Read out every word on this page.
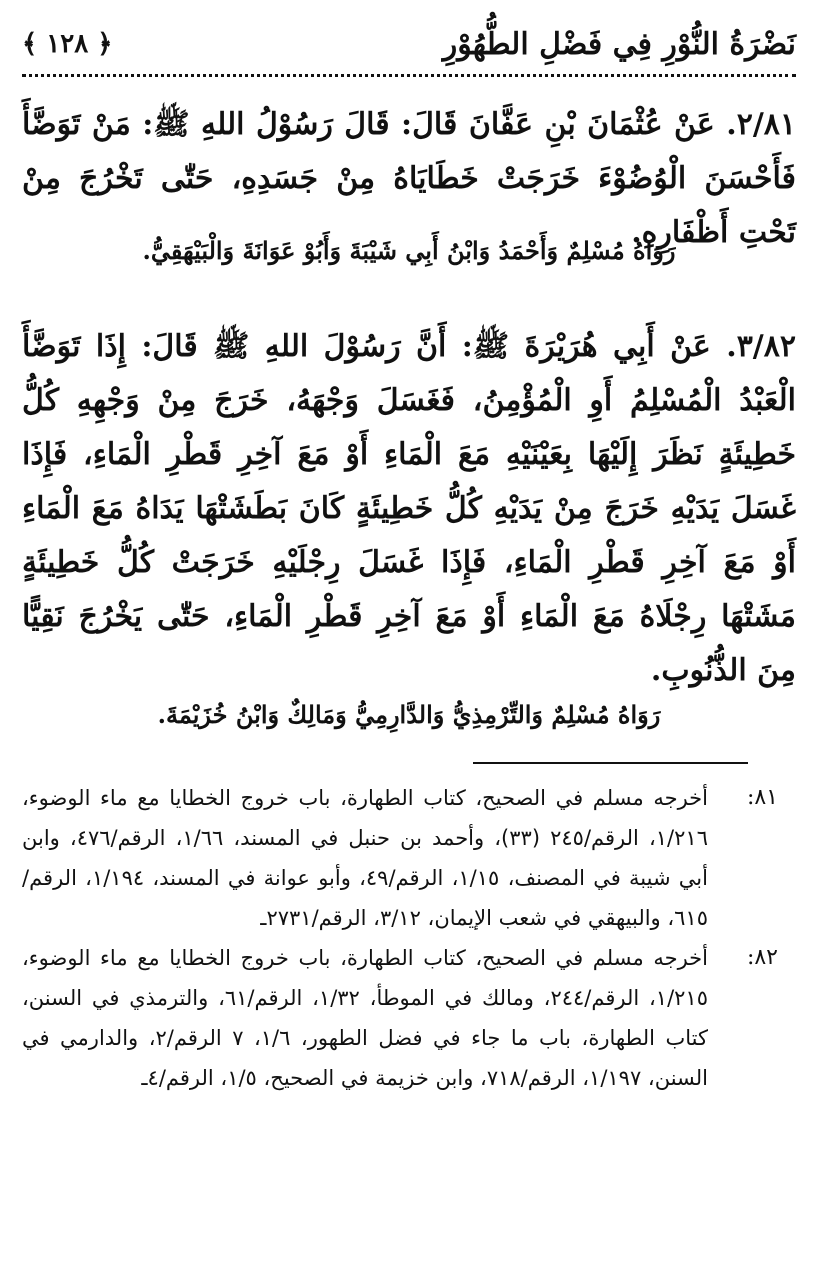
نَضْرَةُ النُّوْرِ فِي فَضْلِ الطُّهُوْرِ
﴿ ١٢٨ ﴾
٢/٨١. عَنْ عُثْمَانَ بْنِ عَفَّانَ قَالَ: قَالَ رَسُوْلُ اللهِ ﷺ: مَنْ تَوَضَّأَ فَأَحْسَنَ الْوُضُوْءَ خَرَجَتْ خَطَايَاهُ مِنْ جَسَدِهِ، حَتّٰى تَخْرُجَ مِنْ تَحْتِ أَظْفَارِهِ.
رَوَاهُ مُسْلِمٌ وَأَحْمَدُ وَابْنُ أَبِي شَيْبَةَ وَأَبُوْ عَوَانَةَ وَالْبَيْهَقِيُّ.
٣/٨٢. عَنْ أَبِي هُرَيْرَةَ ﷺ: أَنَّ رَسُوْلَ اللهِ ﷺ قَالَ: إِذَا تَوَضَّأَ الْعَبْدُ الْمُسْلِمُ أَوِ الْمُؤْمِنُ، فَغَسَلَ وَجْهَهُ، خَرَجَ مِنْ وَجْهِهِ كُلُّ خَطِيئَةٍ نَظَرَ إِلَيْهَا بِعَيْنَيْهِ مَعَ الْمَاءِ أَوْ مَعَ آخِرِ قَطْرِ الْمَاءِ، فَإِذَا غَسَلَ يَدَيْهِ خَرَجَ مِنْ يَدَيْهِ كُلُّ خَطِيئَةٍ كَانَ بَطَشَتْهَا يَدَاهُ مَعَ الْمَاءِ أَوْ مَعَ آخِرِ قَطْرِ الْمَاءِ، فَإِذَا غَسَلَ رِجْلَيْهِ خَرَجَتْ كُلُّ خَطِيئَةٍ مَشَتْهَا رِجْلَاهُ مَعَ الْمَاءِ أَوْ مَعَ آخِرِ قَطْرِ الْمَاءِ، حَتّٰى يَخْرُجَ نَقِيًّا مِنَ الذُّنُوبِ.
رَوَاهُ مُسْلِمٌ وَالتِّرْمِذِيُّ وَالدَّارِمِيُّ وَمَالِكٌ وَابْنُ خُزَيْمَةَ.
٨١:
أخرجه مسلم في الصحيح، كتاب الطهارة، باب خروج الخطايا مع ماء الوضوء، ١/٢١٦، الرقم/٢٤٥ (٣٣)، وأحمد بن حنبل في المسند، ١/٦٦، الرقم/٤٧٦، وابن أبي شيبة في المصنف، ١/١٥، الرقم/٤٩، وأبو عوانة في المسند، ١/١٩٤، الرقم/٦١٥، والبيهقي في شعب الإيمان، ٣/١٢، الرقم/٢٧٣١ـ
٨٢:
أخرجه مسلم في الصحيح، كتاب الطهارة، باب خروج الخطايا مع ماء الوضوء، ١/٢١٥، الرقم/٢٤٤، ومالك في الموطأ، ١/٣٢، الرقم/٦١، والترمذي في السنن، كتاب الطهارة، باب ما جاء في فضل الطهور، ١/٦، ٧ الرقم/٢، والدارمي في السنن، ١/١٩٧، الرقم/٧١٨، وابن خزيمة في الصحيح، ١/٥، الرقم/٤ـ
